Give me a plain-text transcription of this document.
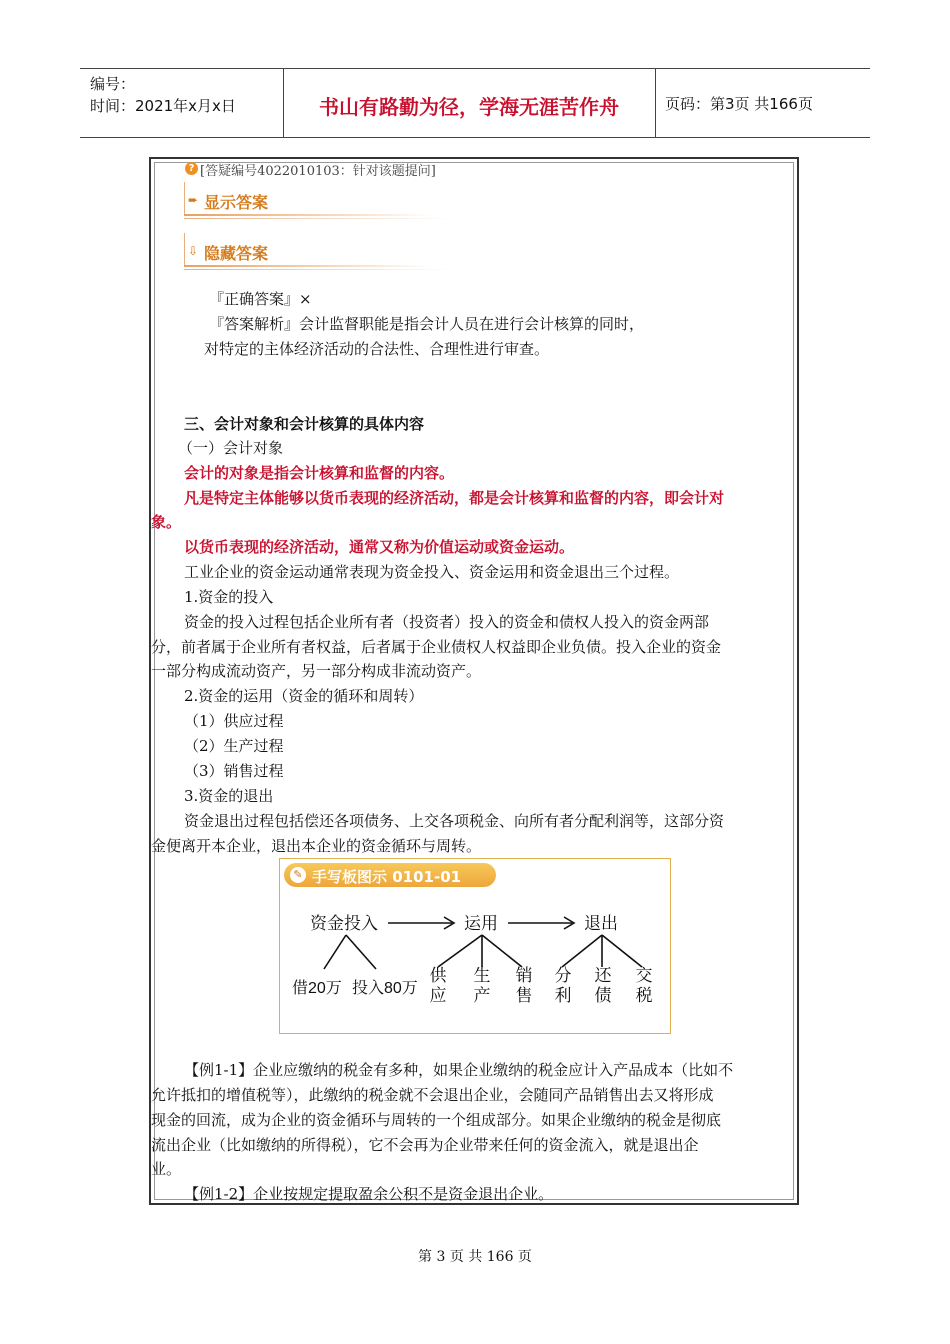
编号：
时间：2021年x月x日	书山有路勤为径，学海无涯苦作舟	页码：第3页 共166页
? [答疑编号4022010103：针对该题提问]
➨ 显示答案
⇩ 隐藏答案
『正确答案』×
『答案解析』会计监督职能是指会计人员在进行会计核算的同时，
对特定的主体经济活动的合法性、合理性进行审查。
三、会计对象和会计核算的具体内容
（一）会计对象
会计的对象是指会计核算和监督的内容。
凡是特定主体能够以货币表现的经济活动，都是会计核算和监督的内容，即会计对
象。
以货币表现的经济活动，通常又称为价值运动或资金运动。
工业企业的资金运动通常表现为资金投入、资金运用和资金退出三个过程。
1.资金的投入
资金的投入过程包括企业所有者（投资者）投入的资金和债权人投入的资金两部
分，前者属于企业所有者权益，后者属于企业债权人权益即企业负债。投入企业的资金
一部分构成流动资产，另一部分构成非流动资产。
2.资金的运用（资金的循环和周转）
（1）供应过程
（2）生产过程
（3）销售过程
3.资金的退出
资金退出过程包括偿还各项债务、上交各项税金、向所有者分配利润等，这部分资
金便离开本企业，退出本企业的资金循环与周转。
✎ 手写板图示 0101-01
资金投入	运用	退出
借20万 投入80万
供应
生产
销售
分利
还债
交税
【例1-1】企业应缴纳的税金有多种，如果企业缴纳的税金应计入产品成本（比如不
允许抵扣的增值税等），此缴纳的税金就不会退出企业，会随同产品销售出去又将形成
现金的回流，成为企业的资金循环与周转的一个组成部分。如果企业缴纳的税金是彻底
流出企业（比如缴纳的所得税），它不会再为企业带来任何的资金流入，就是退出企
业。
【例1-2】企业按规定提取盈余公积不是资金退出企业。
第 3 页 共 166 页
